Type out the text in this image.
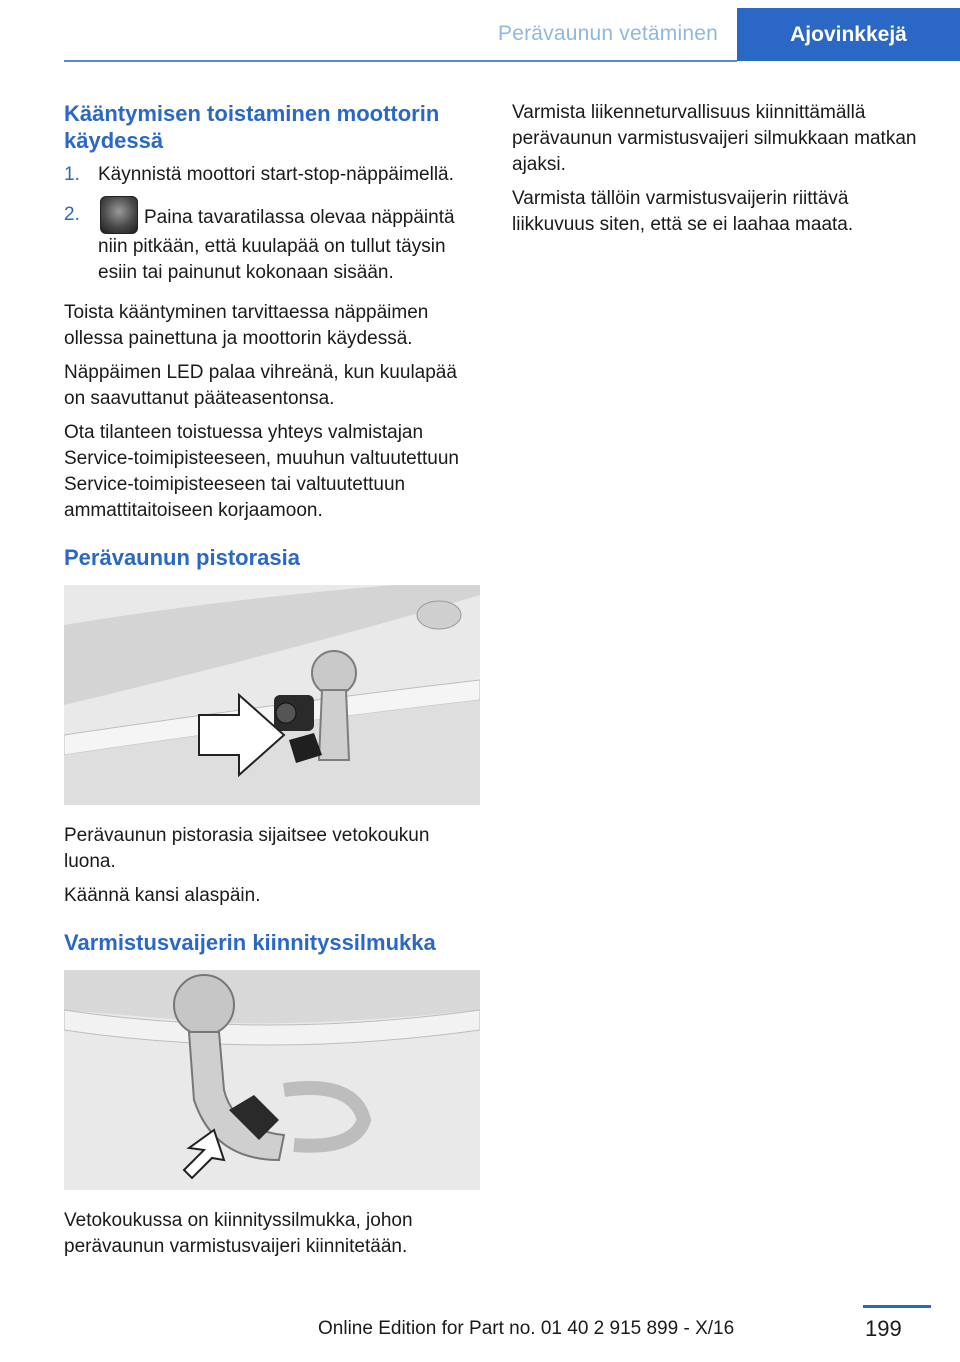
Perävaunun vetäminen	Ajovinkkejä
Kääntymisen toistaminen moottorin käydessä
1. Käynnistä moottori start-stop-näppäimellä.
2.	Paina tavaratilassa olevaa näppäintä niin pitkään, että kuulapää on tullut täysin esiin tai painunut kokonaan sisään.

Toista kääntyminen tarvittaessa näppäimen ollessa painettuna ja moottorin käydessä.

Näppäimen LED palaa vihreänä, kun kuulapää on saavuttanut pääteasentonsa.

Ota tilanteen toistuessa yhteys valmistajan Service-toimipisteeseen, muuhun valtuutettuun Service-toimipisteeseen tai valtuutettuun ammattitaitoiseen korjaamoon.

Perävaunun pistorasia

Perävaunun pistorasia sijaitsee vetokoukun luona.

Käännä kansi alaspäin.

Varmistusvaijerin kiinnityssilmukka

Vetokoukussa on kiinnityssilmukka, johon perävaunun varmistusvaijeri kiinnitetään.

Varmista liikenneturvallisuus kiinnittämällä perävaunun varmistusvaijeri silmukkaan matkan ajaksi.

Varmista tällöin varmistusvaijerin riittävä liikkuvuus siten, että se ei laahaa maata.

199
Online Edition for Part no. 01 40 2 915 899 - X/16
